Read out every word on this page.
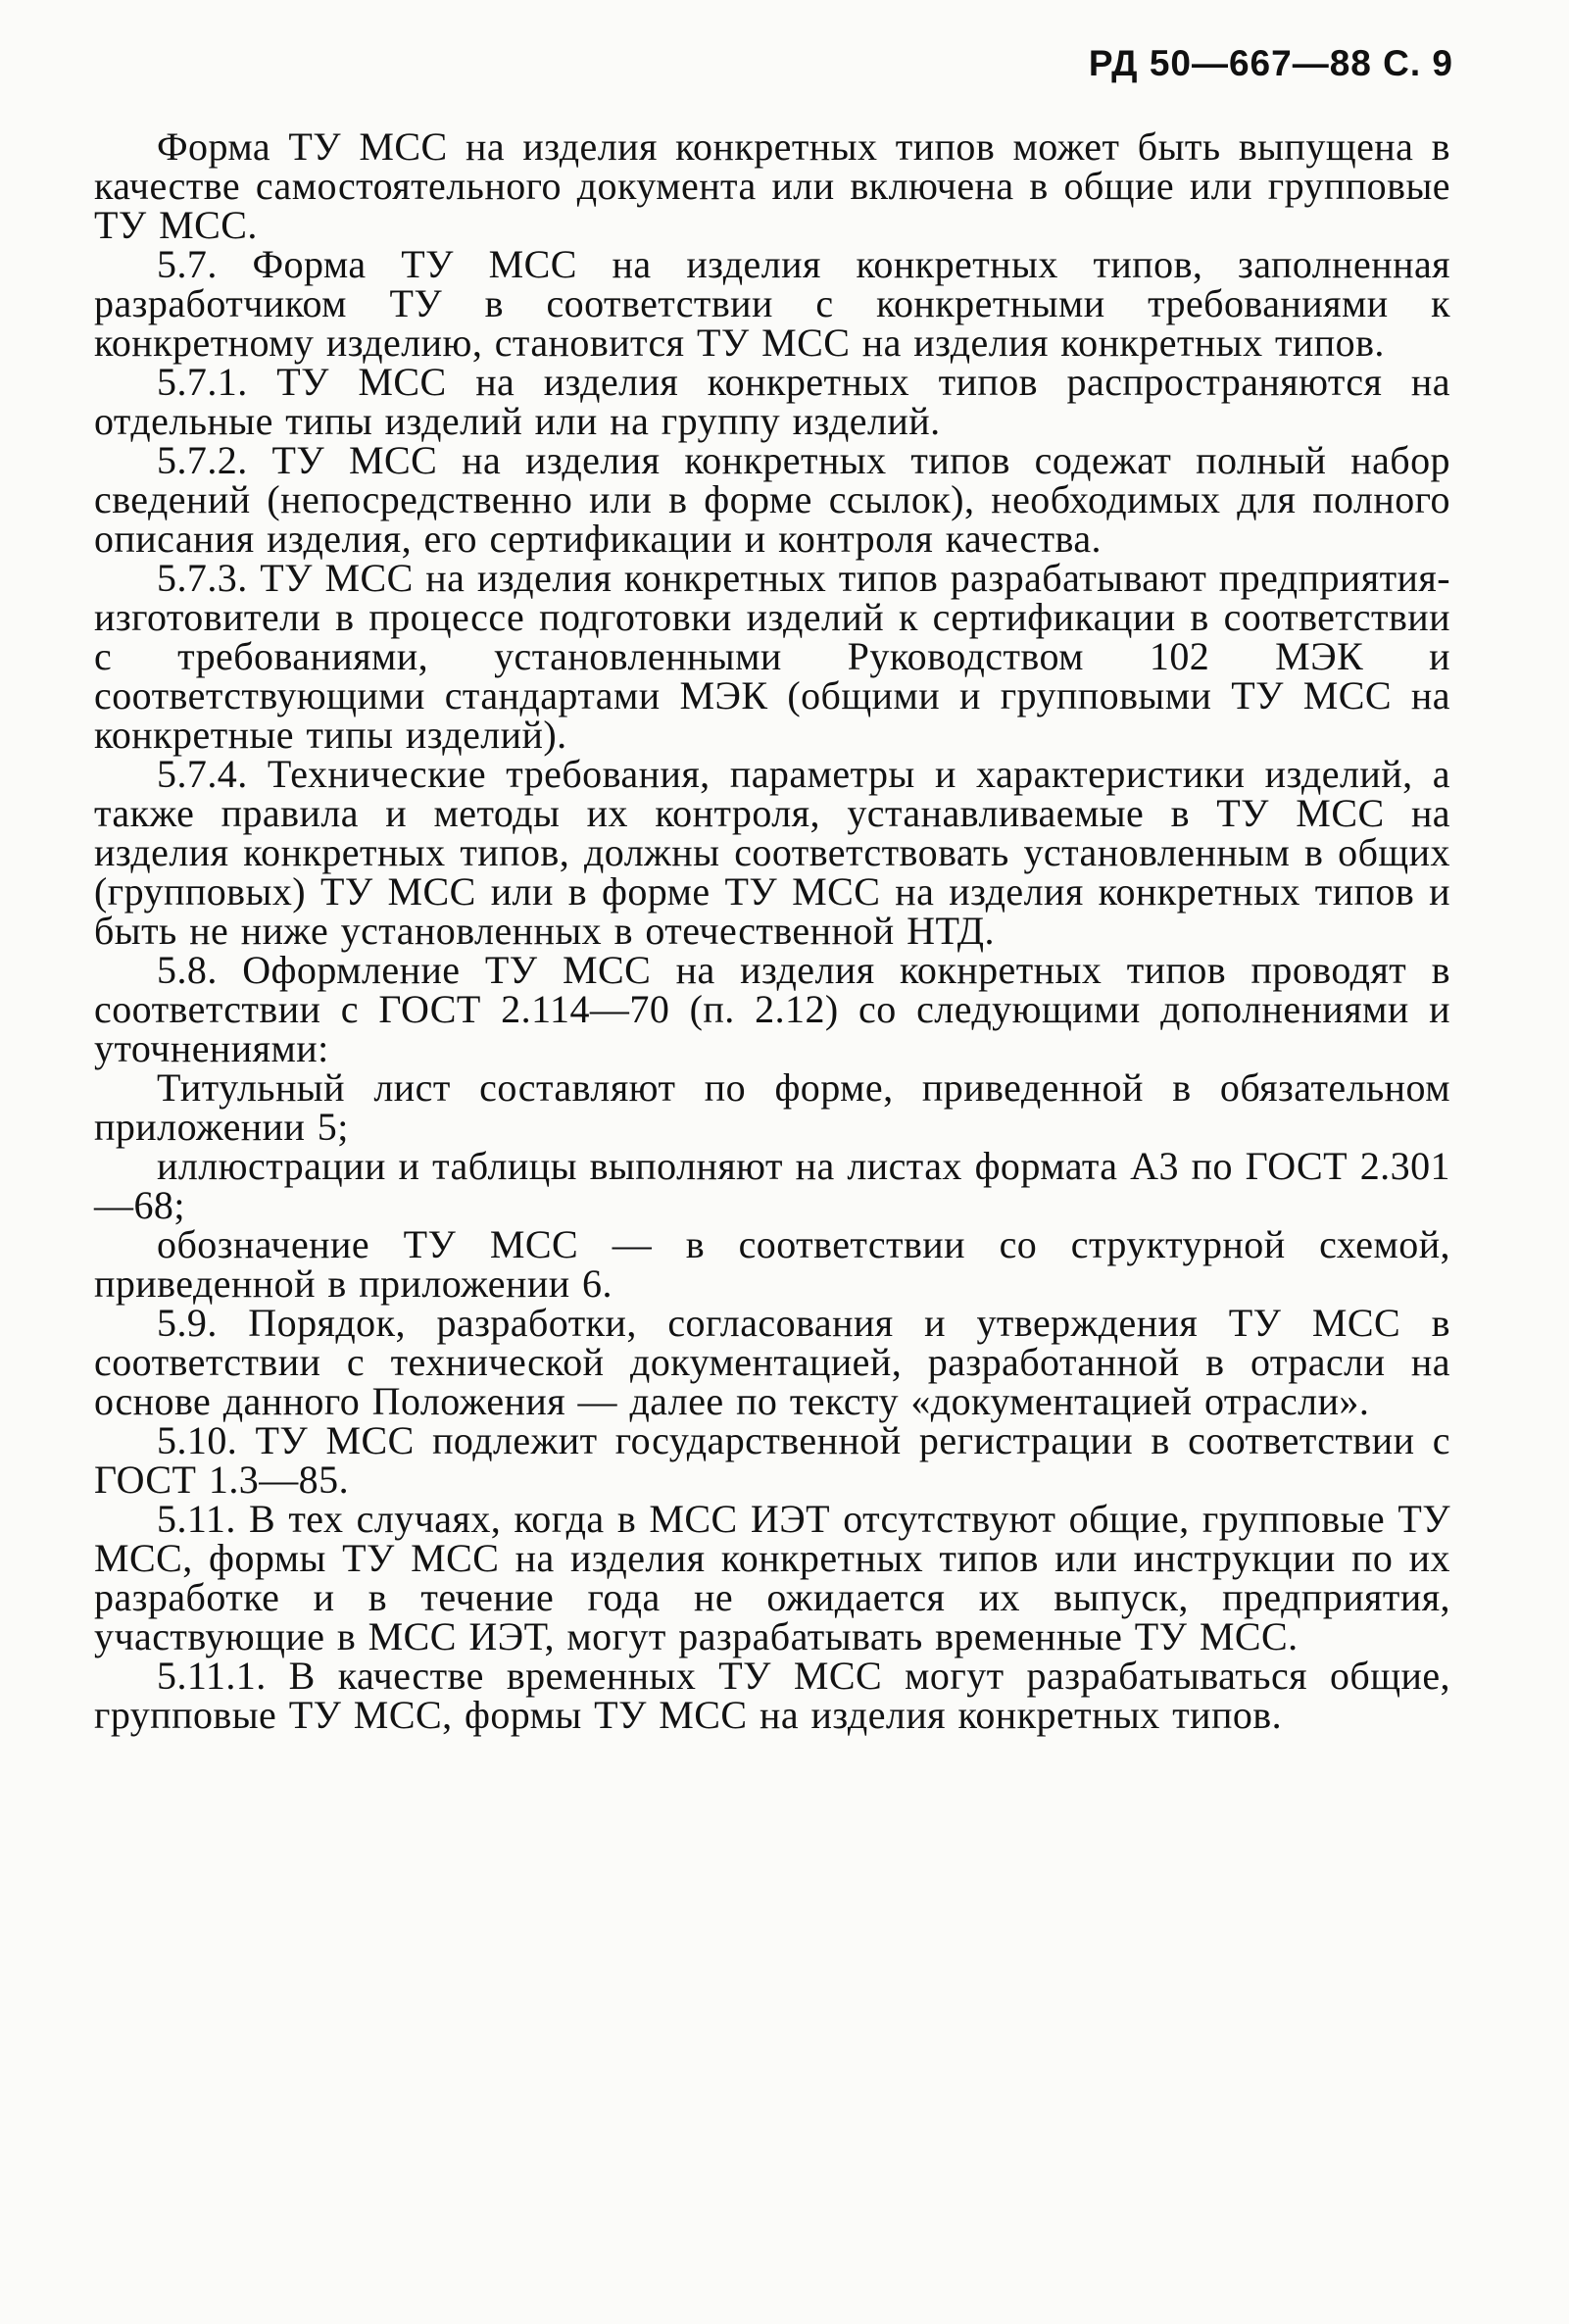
РД 50—667—88 С. 9

Форма ТУ МСС на изделия конкретных типов может быть выпущена в качестве самостоятельного документа или включена в общие или групповые ТУ МСС.

5.7. Форма ТУ МСС на изделия конкретных типов, заполненная разработчиком ТУ в соответствии с конкретными требованиями к конкретному изделию, становится ТУ МСС на изделия конкретных типов.

5.7.1. ТУ МСС на изделия конкретных типов распространяются на отдельные типы изделий или на группу изделий.

5.7.2. ТУ МСС на изделия конкретных типов содежат полный набор сведений (непосредственно или в форме ссылок), необходимых для полного описания изделия, его сертификации и контроля качества.

5.7.3. ТУ МСС на изделия конкретных типов разрабатывают предприятия-изготовители в процессе подготовки изделий к сертификации в соответствии с требованиями, установленными Руководством 102 МЭК и соответствующими стандартами МЭК (общими и групповыми ТУ МСС на конкретные типы изделий).

5.7.4. Технические требования, параметры и характеристики изделий, а также правила и методы их контроля, устанавливаемые в ТУ МСС на изделия конкретных типов, должны соответствовать установленным в общих (групповых) ТУ МСС или в форме ТУ МСС на изделия конкретных типов и быть не ниже установленных в отечественной НТД.

5.8. Оформление ТУ МСС на изделия кокнретных типов проводят в соответствии с ГОСТ 2.114—70 (п. 2.12) со следующими дополнениями и уточнениями:

Титульный лист составляют по форме, приведенной в обязательном приложении 5;

иллюстрации и таблицы выполняют на листах формата А3 по ГОСТ 2.301—68;

обозначение ТУ МСС — в соответствии со структурной схемой, приведенной в приложении 6.

5.9. Порядок, разработки, согласования и утверждения ТУ МСС в соответствии с технической документацией, разработанной в отрасли на основе данного Положения — далее по тексту «документацией отрасли».

5.10. ТУ МСС подлежит государственной регистрации в соответствии с ГОСТ 1.3—85.

5.11. В тех случаях, когда в МСС ИЭТ отсутствуют общие, групповые ТУ МСС, формы ТУ МСС на изделия конкретных типов или инструкции по их разработке и в течение года не ожидается их выпуск, предприятия, участвующие в МСС ИЭТ, могут разрабатывать временные ТУ МСС.

5.11.1. В качестве временных ТУ МСС могут разрабатываться общие, групповые ТУ МСС, формы ТУ МСС на изделия конкретных типов.
